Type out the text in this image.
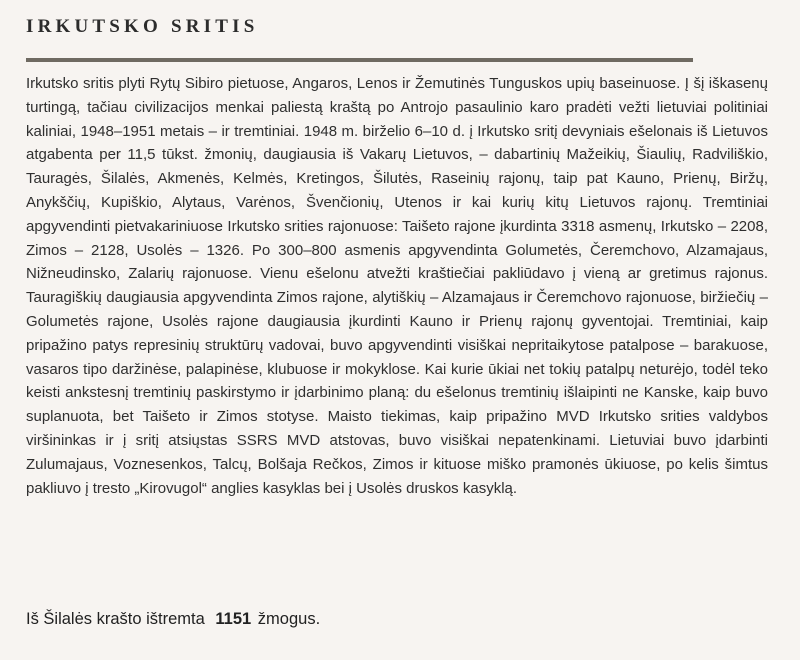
IRKUTSKO SRITIS

Irkutsko sritis plyti Rytų Sibiro pietuose, Angaros, Lenos ir Žemutinės Tunguskos upių baseinuose. Į šį iškasenų turtingą, tačiau civilizacijos menkai paliestą kraštą po Antrojo pasaulinio karo pradėti vežti lietuviai politiniai kaliniai, 1948–1951 metais – ir tremtiniai. 1948 m. birželio 6–10 d. į Irkutsko sritį devyniais ešelonais iš Lietuvos atgabenta per 11,5 tūkst. žmonių, daugiausia iš Vakarų Lietuvos, – dabartinių Mažeikių, Šiaulių, Radviliškio, Tauragės, Šilalės, Akmenės, Kelmės, Kretingos, Šilutės, Raseinių rajonų, taip pat Kauno, Prienų, Biržų, Anykščių, Kupiškio, Alytaus, Varėnos, Švenčionių, Utenos ir kai kurių kitų Lietuvos rajonų. Tremtiniai apgyvendinti pietvakariniuose Irkutsko srities rajonuose: Taišeto rajone įkurdinta 3318 asmenų, Irkutsko – 2208, Zimos – 2128, Usolės – 1326. Po 300–800 asmenis apgyvendinta Golumetės, Čeremchovo, Alzamajaus, Nižneudinsko, Zalarių rajonuose. Vienu ešelonu atvežti kraštiečiai pakliūdavo į vieną ar gretimus rajonus. Tauragiškių daugiausia apgyvendinta Zimos rajone, alytiškių – Alzamajaus ir Čeremchovo rajonuose, biržiečių – Golumetės rajone, Usolės rajone daugiausia įkurdinti Kauno ir Prienų rajonų gyventojai. Tremtiniai, kaip pripažino patys represinių struktūrų vadovai, buvo apgyvendinti visiškai nepritaikytose patalpose – barakuose, vasaros tipo daržinėse, palapinėse, klubuose ir mokyklose. Kai kurie ūkiai net tokių patalpų neturėjo, todėl teko keisti ankstesnį tremtinių paskirstymo ir įdarbinimo planą: du ešelonus tremtinių išlaipinti ne Kanske, kaip buvo suplanuota, bet Taišeto ir Zimos stotyse. Maisto tiekimas, kaip pripažino MVD Irkutsko srities valdybos viršininkas ir į sritį atsiųstas SSRS MVD atstovas, buvo visiškai nepatenkinami. Lietuviai buvo įdarbinti Zulumajaus, Voznesenkos, Talcų, Bolšaja Rečkos, Zimos ir kituose miško pramonės ūkiuose, po kelis šimtus pakliuvo į tresto „Kirovugol“ anglies kasyklas bei į Usolės druskos kasyklą.

Iš Šilalės krašto ištremta 1151 žmogus.
